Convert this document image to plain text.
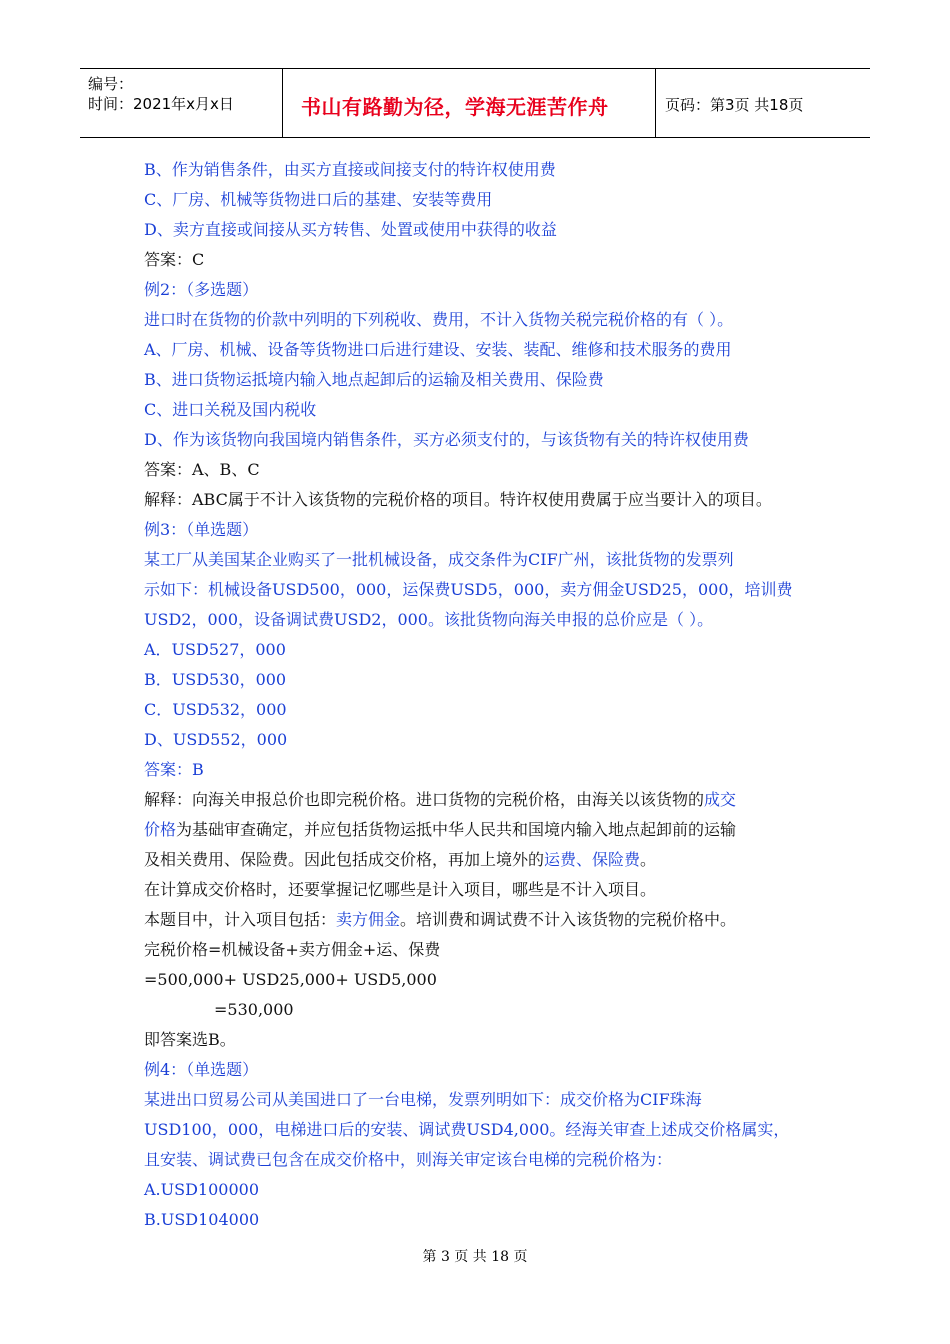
编号：
时间：2021年x月x日	书山有路勤为径，学海无涯苦作舟	页码：第3页 共18页
B、作为销售条件，由买方直接或间接支付的特许权使用费
C、厂房、机械等货物进口后的基建、安装等费用
D、卖方直接或间接从买方转售、处置或使用中获得的收益
答案：C
例2：（多选题）
进口时在货物的价款中列明的下列税收、费用，不计入货物关税完税价格的有（ ）。
A、厂房、机械、设备等货物进口后进行建设、安装、装配、维修和技术服务的费用
B、进口货物运抵境内输入地点起卸后的运输及相关费用、保险费
C、进口关税及国内税收
D、作为该货物向我国境内销售条件，买方必须支付的，与该货物有关的特许权使用费
答案：A、B、C
解释：ABC属于不计入该货物的完税价格的项目。特许权使用费属于应当要计入的项目。
例3：（单选题）
某工厂从美国某企业购买了一批机械设备，成交条件为CIF广州，该批货物的发票列
示如下：机械设备USD500，000，运保费USD5，000，卖方佣金USD25，000，培训费
USD2，000，设备调试费USD2，000。该批货物向海关申报的总价应是（ ）。
A．USD527，000
B．USD530，000
C．USD532，000
D、USD552，000
答案：B
解释：向海关申报总价也即完税价格。进口货物的完税价格，由海关以该货物的成交
价格为基础审查确定，并应包括货物运抵中华人民共和国境内输入地点起卸前的运输
及相关费用、保险费。因此包括成交价格，再加上境外的运费、保险费。
在计算成交价格时，还要掌握记忆哪些是计入项目，哪些是不计入项目。
本题目中，计入项目包括：卖方佣金。培训费和调试费不计入该货物的完税价格中。
完税价格=机械设备+卖方佣金+运、保费
=500,000+ USD25,000+ USD5,000
=530,000
即答案选B。
例4：（单选题）
某进出口贸易公司从美国进口了一台电梯，发票列明如下：成交价格为CIF珠海
USD100，000，电梯进口后的安装、调试费USD4,000。经海关审查上述成交价格属实，
且安装、调试费已包含在成交价格中，则海关审定该台电梯的完税价格为：
A.USD100000
B.USD104000
第 3 页 共 18 页
